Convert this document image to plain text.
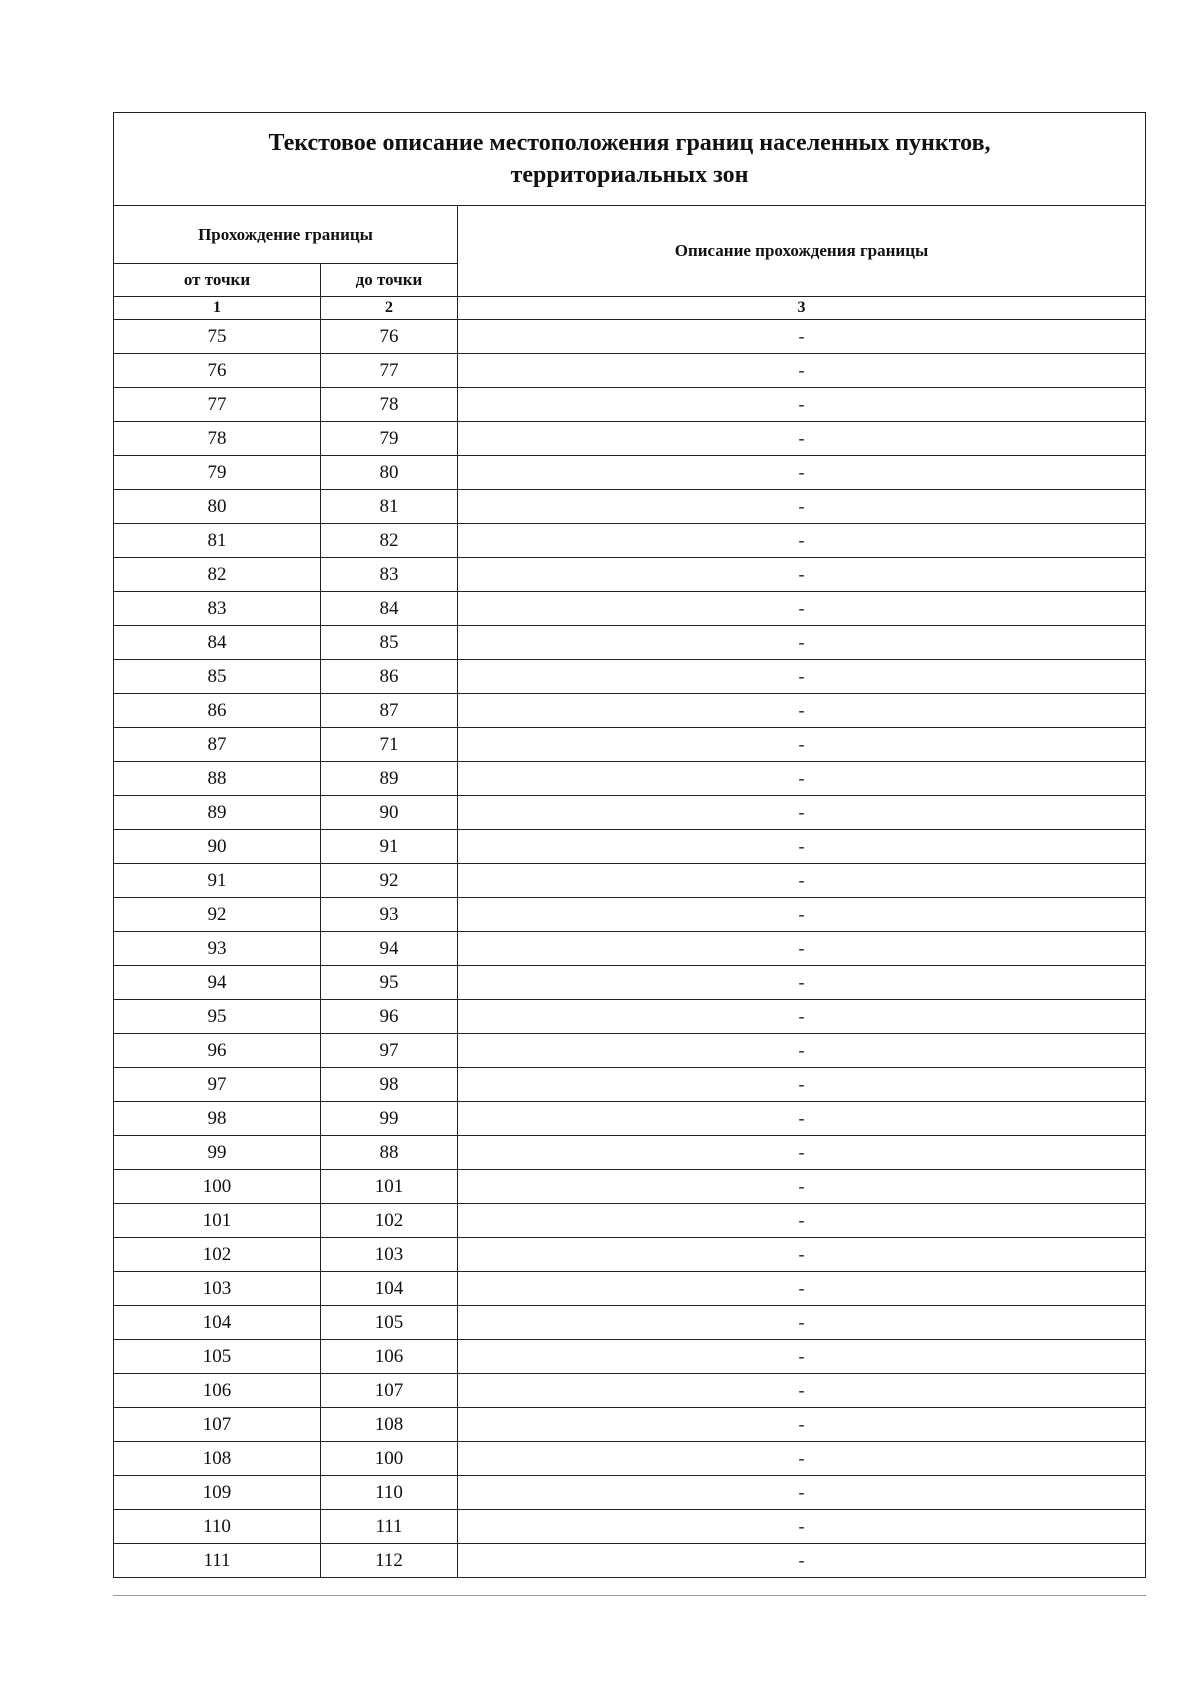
Текстовое описание местоположения границ населенных пунктов,
территориальных зон		

Прохождение границы		Описание прохождения границы
от точки	до точки	
1	2	3
75	76	-
76	77	-
77	78	-
78	79	-
79	80	-
80	81	-
81	82	-
82	83	-
83	84	-
84	85	-
85	86	-
86	87	-
87	71	-
88	89	-
89	90	-
90	91	-
91	92	-
92	93	-
93	94	-
94	95	-
95	96	-
96	97	-
97	98	-
98	99	-
99	88	-
100	101	-
101	102	-
102	103	-
103	104	-
104	105	-
105	106	-
106	107	-
107	108	-
108	100	-
109	110	-
110	111	-
111	112	-
